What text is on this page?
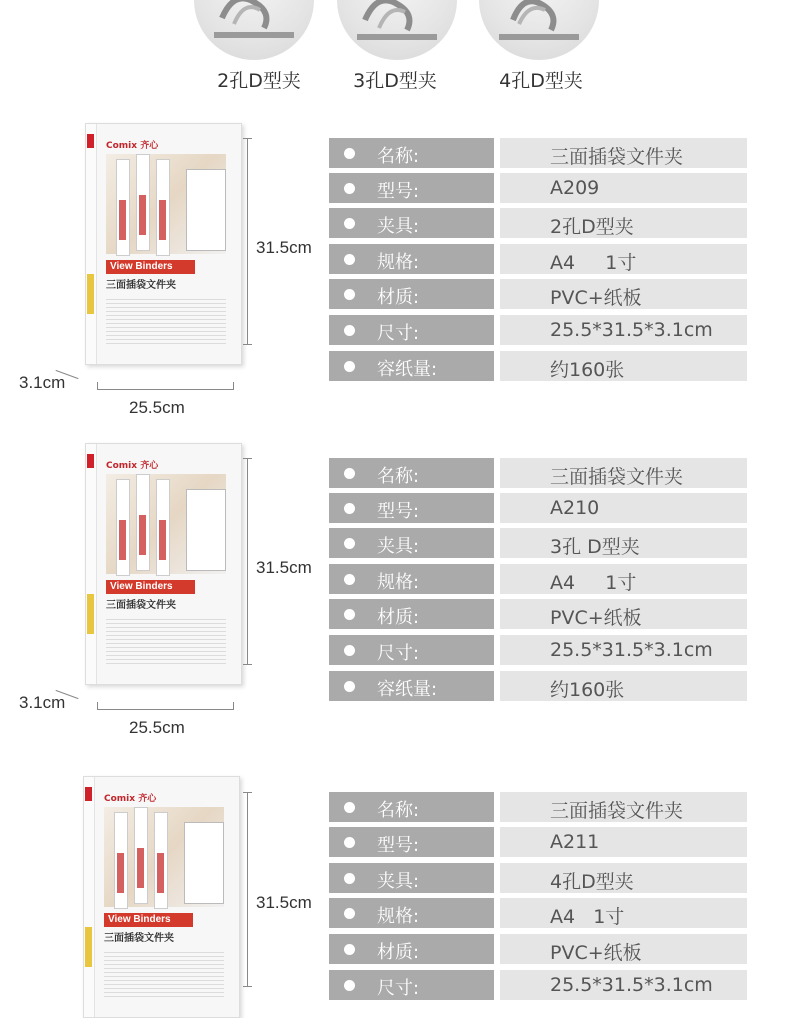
2孔D型夹	3孔D型夹	4孔D型夹
Comix 齐心
View Binders
三面插袋文件夹
31.5cm
3.1cm
25.5cm
名称:	三面插袋文件夹
型号:	A209
夹具:	2孔D型夹
规格:	A4     1寸
材质:	PVC+纸板
尺寸:	25.5*31.5*3.1cm
容纸量:	约160张
Comix 齐心
View Binders
三面插袋文件夹
31.5cm
3.1cm
25.5cm
名称:	三面插袋文件夹
型号:	A210
夹具:	3孔 D型夹
规格:	A4     1寸
材质:	PVC+纸板
尺寸:	25.5*31.5*3.1cm
容纸量:	约160张
Comix 齐心
View Binders
三面插袋文件夹
31.5cm
名称:	三面插袋文件夹
型号:	A211
夹具:	4孔D型夹
规格:	A4   1寸
材质:	PVC+纸板
尺寸:	25.5*31.5*3.1cm
